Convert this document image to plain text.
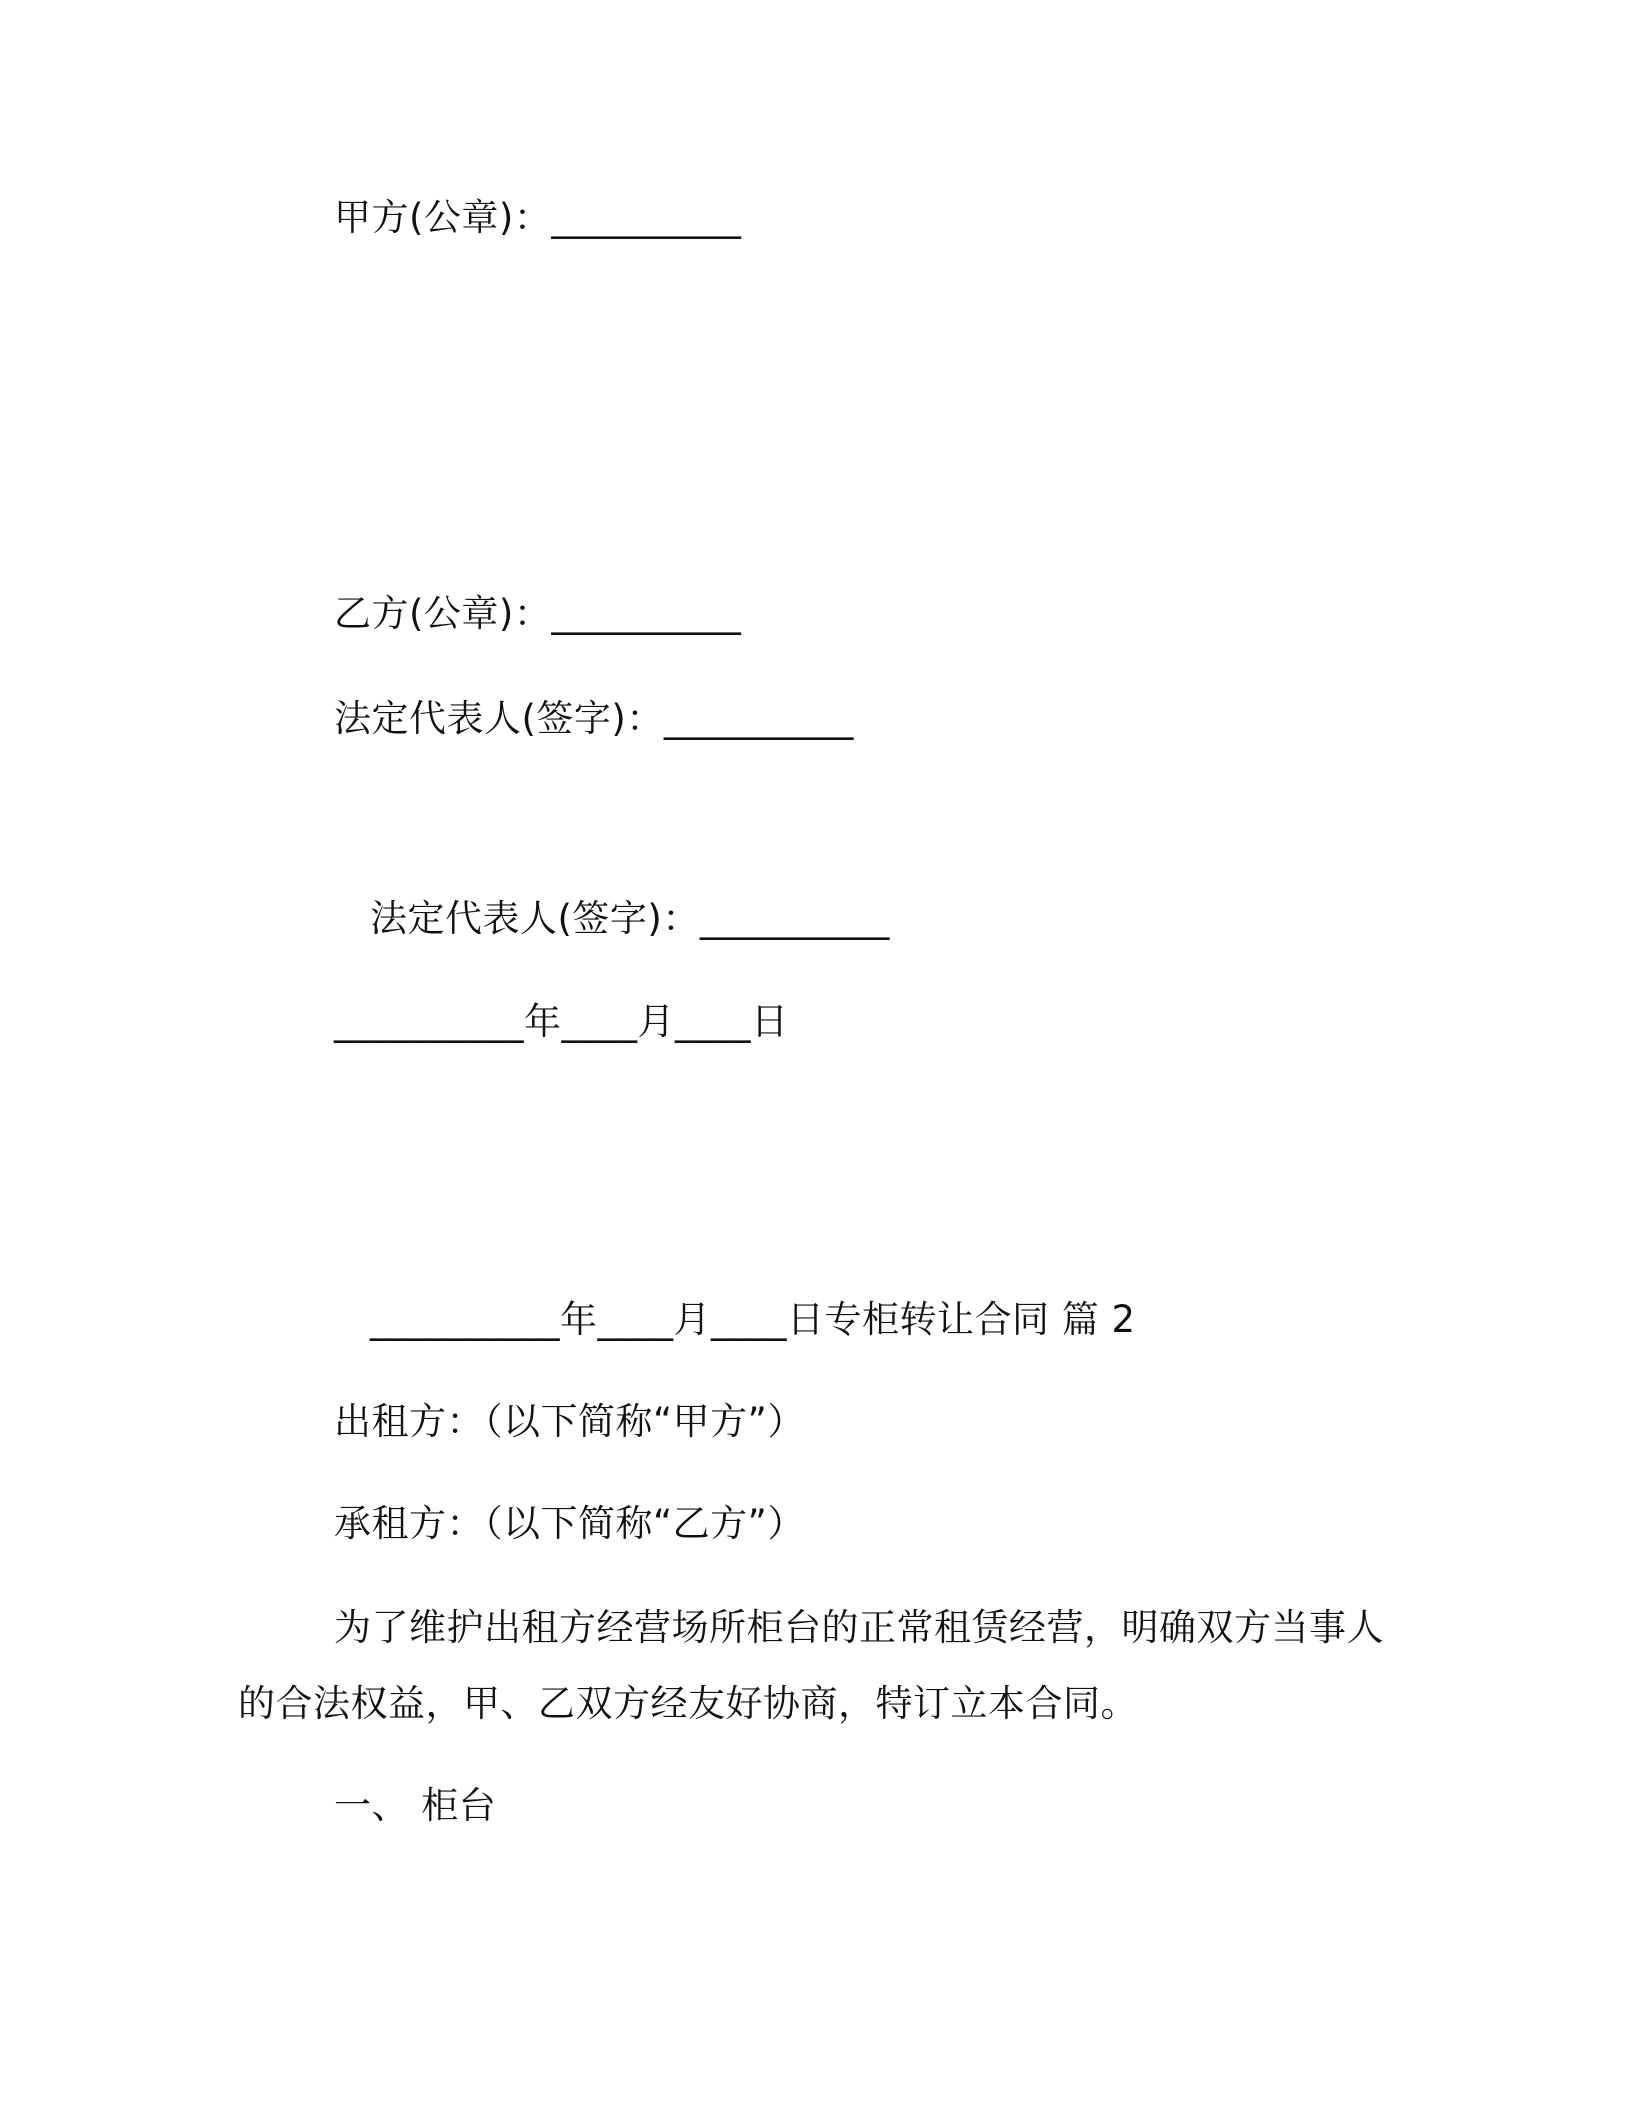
甲方(公章)：__________
乙方(公章)：__________
法定代表人(签字)：__________
法定代表人(签字)：__________
__________年____月____日
__________年____月____日专柜转让合同 篇 2
出租方：（以下简称“甲方”）
承租方：（以下简称“乙方”）
为了维护出租方经营场所柜台的正常租赁经营，明确双方当事人
的合法权益，甲、乙双方经友好协商，特订立本合同。
一、 柜台
